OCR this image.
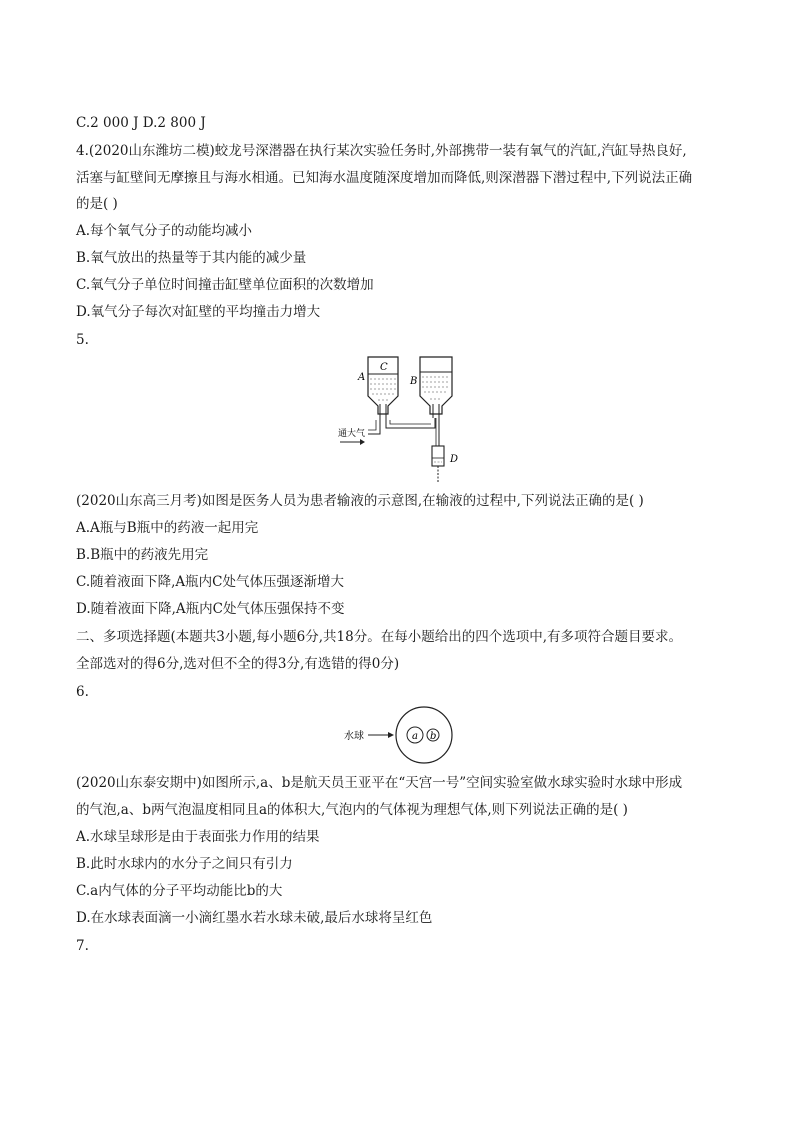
C.2 000 J D.2 800 J
4.(2020山东潍坊二模)蛟龙号深潜器在执行某次实验任务时,外部携带一装有氧气的汽缸,汽缸导热良好,
活塞与缸壁间无摩擦且与海水相通。已知海水温度随深度增加而降低,则深潜器下潜过程中,下列说法正确
的是( )
A.每个氧气分子的动能均减小
B.氧气放出的热量等于其内能的减少量
C.氧气分子单位时间撞击缸壁单位面积的次数增加
D.氧气分子每次对缸壁的平均撞击力增大
5.
A
C
B
通大气
D
(2020山东高三月考)如图是医务人员为患者输液的示意图,在输液的过程中,下列说法正确的是( )
A.A瓶与B瓶中的药液一起用完
B.B瓶中的药液先用完
C.随着液面下降,A瓶内C处气体压强逐渐增大
D.随着液面下降,A瓶内C处气体压强保持不变
二、多项选择题(本题共3小题,每小题6分,共18分。在每小题给出的四个选项中,有多项符合题目要求。
全部选对的得6分,选对但不全的得3分,有选错的得0分)
6.
水球	a b
(2020山东泰安期中)如图所示,a、b是航天员王亚平在“天宫一号”空间实验室做水球实验时水球中形成
的气泡,a、b两气泡温度相同且a的体积大,气泡内的气体视为理想气体,则下列说法正确的是( )
A.水球呈球形是由于表面张力作用的结果
B.此时水球内的水分子之间只有引力
C.a内气体的分子平均动能比b的大
D.在水球表面滴一小滴红墨水若水球未破,最后水球将呈红色
7.
